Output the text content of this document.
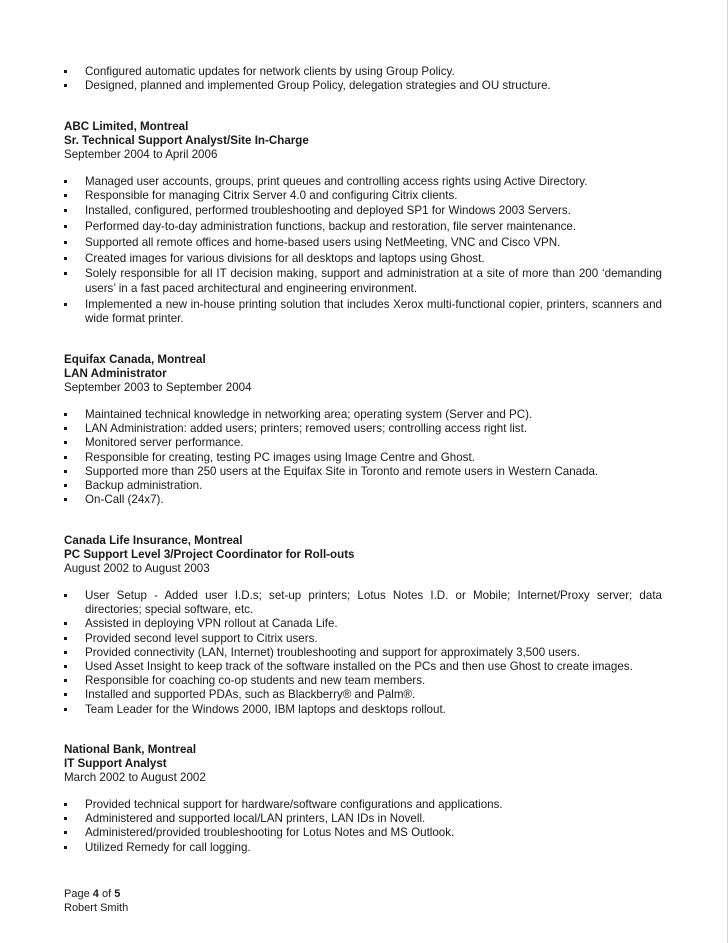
Configured automatic updates for network clients by using Group Policy.
Designed, planned and implemented Group Policy, delegation strategies and OU structure.
ABC Limited, Montreal
Sr. Technical Support Analyst/Site In-Charge
September 2004 to April 2006
Managed user accounts, groups, print queues and controlling access rights using Active Directory.
Responsible for managing Citrix Server 4.0 and configuring Citrix clients.
Installed, configured, performed troubleshooting and deployed SP1 for Windows 2003 Servers.
Performed day-to-day administration functions, backup and restoration, file server maintenance.
Supported all remote offices and home-based users using NetMeeting, VNC and Cisco VPN.
Created images for various divisions for all desktops and laptops using Ghost.
Solely responsible for all IT decision making, support and administration at a site of more than 200 ‘demanding users’ in a fast paced architectural and engineering environment.
Implemented a new in-house printing solution that includes Xerox multi-functional copier, printers, scanners and wide format printer.
Equifax Canada, Montreal
LAN Administrator
September 2003 to September 2004
Maintained technical knowledge in networking area; operating system (Server and PC).
LAN Administration: added users; printers; removed users; controlling access right list.
Monitored server performance.
Responsible for creating, testing PC images using Image Centre and Ghost.
Supported more than 250 users at the Equifax Site in Toronto and remote users in Western Canada.
Backup administration.
On-Call (24x7).
Canada Life Insurance, Montreal
PC Support Level 3/Project Coordinator for Roll-outs
August 2002 to August 2003
User Setup - Added user I.D.s; set-up printers; Lotus Notes I.D. or Mobile; Internet/Proxy server; data directories; special software, etc.
Assisted in deploying VPN rollout at Canada Life.
Provided second level support to Citrix users.
Provided connectivity (LAN, Internet) troubleshooting and support for approximately 3,500 users.
Used Asset Insight to keep track of the software installed on the PCs and then use Ghost to create images.
Responsible for coaching co-op students and new team members.
Installed and supported PDAs, such as Blackberry® and Palm®.
Team Leader for the Windows 2000, IBM laptops and desktops rollout.
National Bank, Montreal
IT Support Analyst
March 2002 to August 2002
Provided technical support for hardware/software configurations and applications.
Administered and supported local/LAN printers, LAN IDs in Novell.
Administered/provided troubleshooting for Lotus Notes and MS Outlook.
Utilized Remedy for call logging.
Page 4 of 5
Robert Smith
